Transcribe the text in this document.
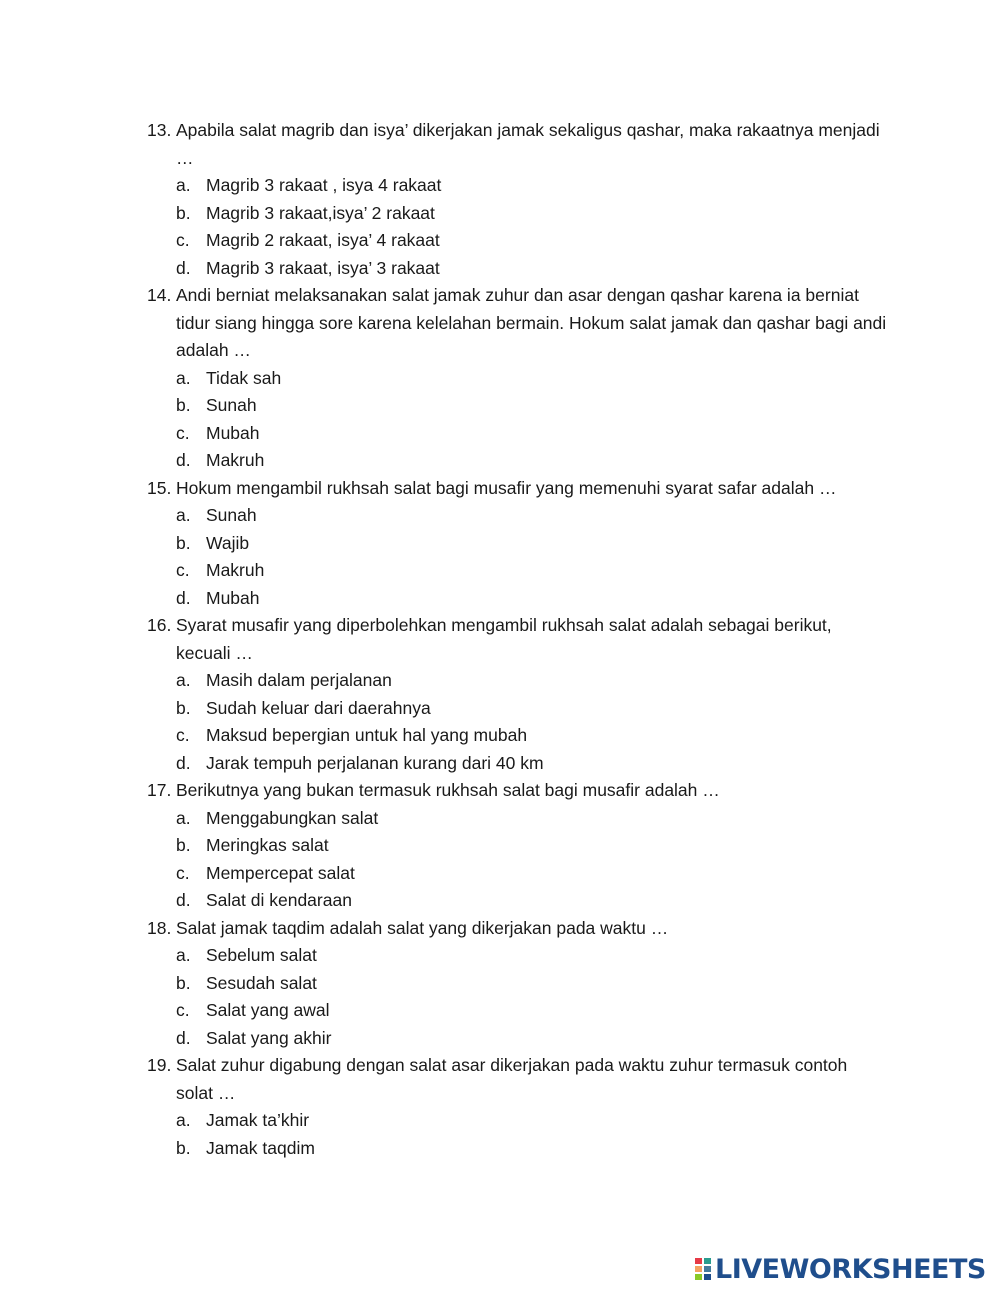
13. Apabila salat magrib dan isya’ dikerjakan jamak sekaligus qashar, maka rakaatnya menjadi …
a. Magrib 3 rakaat , isya 4 rakaat
b. Magrib 3 rakaat,isya’ 2 rakaat
c. Magrib 2 rakaat, isya’ 4 rakaat
d. Magrib 3 rakaat, isya’ 3 rakaat
14. Andi berniat melaksanakan salat jamak zuhur dan asar dengan qashar karena ia berniat tidur siang hingga sore karena kelelahan bermain. Hokum salat jamak dan qashar bagi andi adalah …
a. Tidak sah
b. Sunah
c. Mubah
d. Makruh
15. Hokum mengambil rukhsah salat bagi musafir yang memenuhi syarat safar adalah …
a. Sunah
b. Wajib
c. Makruh
d. Mubah
16. Syarat musafir yang diperbolehkan mengambil rukhsah salat adalah sebagai berikut, kecuali …
a. Masih dalam perjalanan
b. Sudah keluar dari daerahnya
c. Maksud bepergian untuk hal yang mubah
d. Jarak tempuh perjalanan kurang dari 40 km
17. Berikutnya yang bukan termasuk rukhsah salat bagi musafir adalah …
a. Menggabungkan salat
b. Meringkas salat
c. Mempercepat salat
d. Salat di kendaraan
18. Salat jamak taqdim adalah salat yang dikerjakan pada waktu …
a. Sebelum salat
b. Sesudah salat
c. Salat yang awal
d. Salat yang akhir
19. Salat zuhur digabung dengan salat asar dikerjakan pada waktu zuhur termasuk contoh solat …
a. Jamak ta’khir
b. Jamak taqdim
LIVEWORKSHEETS
